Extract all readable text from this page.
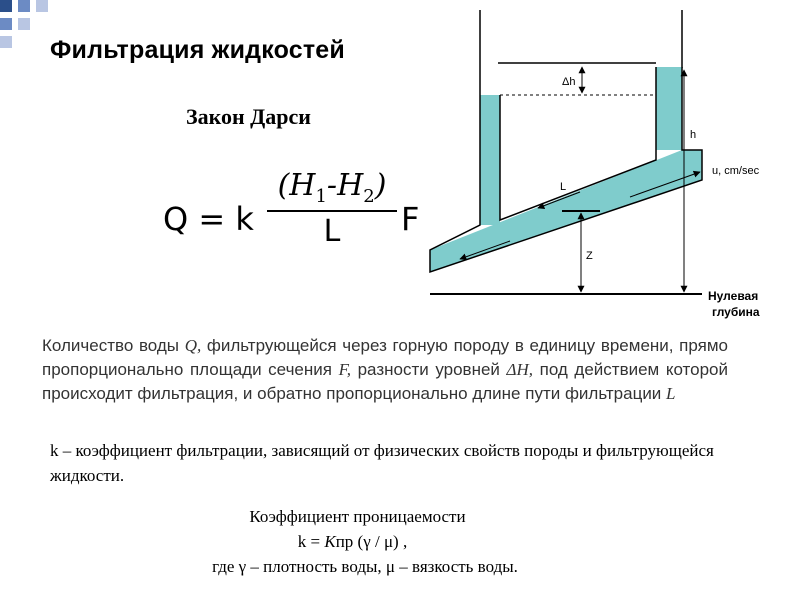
Фильтрация жидкостей
Закон Дарси
Q = k
$(H_1-H_2)$
L	F
Δh
h
u, cm/sec
L
Z
Нулевая
глубина
Количество воды Q, фильтрующейся через горную породу в единицу времени, прямо пропорционально площади сечения F, разности уровней ΔH, под действием которой происходит фильтрация, и обратно пропорционально длине пути фильтрации L
k – коэффициент фильтрации, зависящий от физических свойств породы и фильтрующейся жидкости.
Коэффициент проницаемости
k = Kпр (γ / μ) ,
где γ – плотность воды, μ – вязкость воды.
